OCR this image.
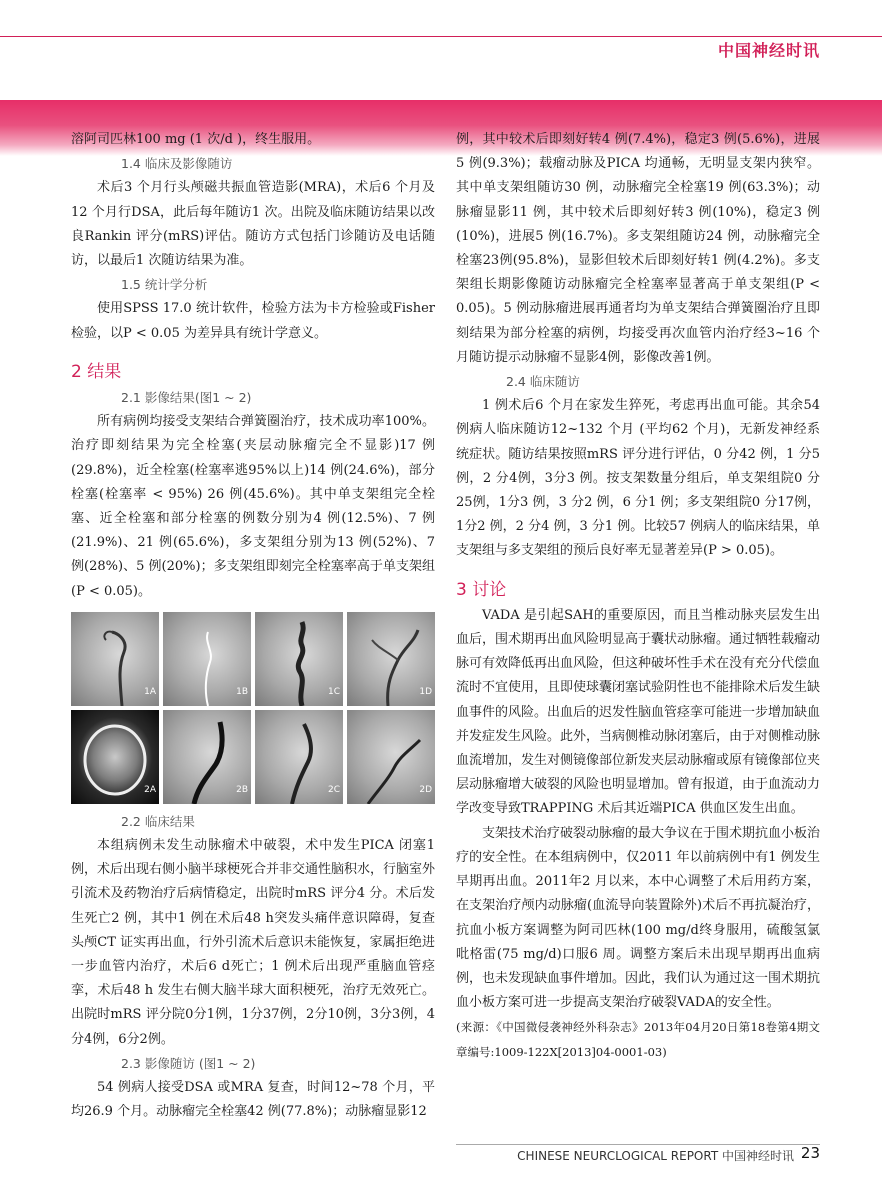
中国神经时讯

溶阿司匹林100 mg (1 次/d )，终生服用。

1.4 临床及影像随访

术后3 个月行头颅磁共振血管造影(MRA)，术后6 个月及12 个月行DSA，此后每年随访1 次。出院及临床随访结果以改良Rankin 评分(mRS)评估。随访方式包括门诊随访及电话随访，以最后1 次随访结果为准。

1.5 统计学分析

使用SPSS 17.0 统计软件，检验方法为卡方检验或Fisher 检验，以P < 0.05 为差异具有统计学意义。

2 结果

2.1 影像结果(图1 ~ 2)

所有病例均接受支架结合弹簧圈治疗，技术成功率100%。治疗即刻结果为完全栓塞(夹层动脉瘤完全不显影)17 例(29.8%)，近全栓塞(栓塞率逃95%以上)14 例(24.6%)，部分栓塞(栓塞率 < 95%) 26 例(45.6%)。其中单支架组完全栓塞、近全栓塞和部分栓塞的例数分别为4 例(12.5%)、7 例(21.9%)、21 例(65.6%)，多支架组分别为13 例(52%)、7 例(28%)、5 例(20%)；多支架组即刻完全栓塞率高于单支架组(P < 0.05)。

1A	1B	1C	1D
2A	2B	2C	2D

2.2 临床结果

本组病例未发生动脉瘤术中破裂，术中发生PICA 闭塞1 例，术后出现右侧小脑半球梗死合并非交通性脑积水，行脑室外引流术及药物治疗后病情稳定，出院时mRS 评分4 分。术后发生死亡2 例，其中1 例在术后48 h突发头痛伴意识障碍，复查头颅CT 证实再出血，行外引流术后意识未能恢复，家属拒绝进一步血管内治疗，术后6 d死亡；1 例术后出现严重脑血管痉挛，术后48 h 发生右侧大脑半球大面积梗死，治疗无效死亡。出院时mRS 评分院0分1例，1分37例，2分10例，3分3例，4分4例，6分2例。

2.3 影像随访 (图1 ~ 2)

54 例病人接受DSA 或MRA 复查，时间12~78 个月，平均26.9 个月。动脉瘤完全栓塞42 例(77.8%)；动脉瘤显影12

例，其中较术后即刻好转4 例(7.4%)，稳定3 例(5.6%)，进展5 例(9.3%)；载瘤动脉及PICA 均通畅，无明显支架内狭窄。其中单支架组随访30 例，动脉瘤完全栓塞19 例(63.3%)；动脉瘤显影11 例，其中较术后即刻好转3 例(10%)，稳定3 例(10%)，进展5 例(16.7%)。多支架组随访24 例，动脉瘤完全栓塞23例(95.8%)，显影但较术后即刻好转1 例(4.2%)。多支架组长期影像随访动脉瘤完全栓塞率显著高于单支架组(P < 0.05)。5 例动脉瘤进展再通者均为单支架结合弹簧圈治疗且即刻结果为部分栓塞的病例，均接受再次血管内治疗经3~16 个月随访提示动脉瘤不显影4例，影像改善1例。

2.4 临床随访

1 例术后6 个月在家发生猝死，考虑再出血可能。其余54 例病人临床随访12~132 个月 (平均62 个月)，无新发神经系统症状。随访结果按照mRS 评分进行评估，0 分42 例，1 分5 例，2 分4例，3分3 例。按支架数量分组后，单支架组院0 分25例，1分3 例，3 分2 例，6 分1 例；多支架组院0 分17例，1分2 例，2 分4 例，3 分1 例。比较57 例病人的临床结果，单支架组与多支架组的预后良好率无显著差异(P > 0.05)。

3 讨论

VADA 是引起SAH的重要原因，而且当椎动脉夹层发生出血后，围术期再出血风险明显高于囊状动脉瘤。通过牺牲载瘤动脉可有效降低再出血风险，但这种破坏性手术在没有充分代偿血流时不宜使用，且即使球囊闭塞试验阴性也不能排除术后发生缺血事件的风险。出血后的迟发性脑血管痉挛可能进一步增加缺血并发症发生风险。此外，当病侧椎动脉闭塞后，由于对侧椎动脉血流增加，发生对侧镜像部位新发夹层动脉瘤或原有镜像部位夹层动脉瘤增大破裂的风险也明显增加。曾有报道，由于血流动力学改变导致TRAPPING 术后其近端PICA 供血区发生出血。

支架技术治疗破裂动脉瘤的最大争议在于围术期抗血小板治疗的安全性。在本组病例中，仅2011 年以前病例中有1 例发生早期再出血。2011年2 月以来，本中心调整了术后用药方案，在支架治疗颅内动脉瘤(血流导向装置除外)术后不再抗凝治疗，抗血小板方案调整为阿司匹林(100 mg/d终身服用，硫酸氢氯吡格雷(75 mg/d)口服6 周。调整方案后未出现早期再出血病例，也未发现缺血事件增加。因此，我们认为通过这一围术期抗血小板方案可进一步提高支架治疗破裂VADA的安全性。

(来源：《中国微侵袭神经外科杂志》2013年04月20日第18卷第4期文章编号:1009-122X[2013]04-0001-03)

CHINESE NEURCLOGICAL REPORT 中国神经时讯 23
